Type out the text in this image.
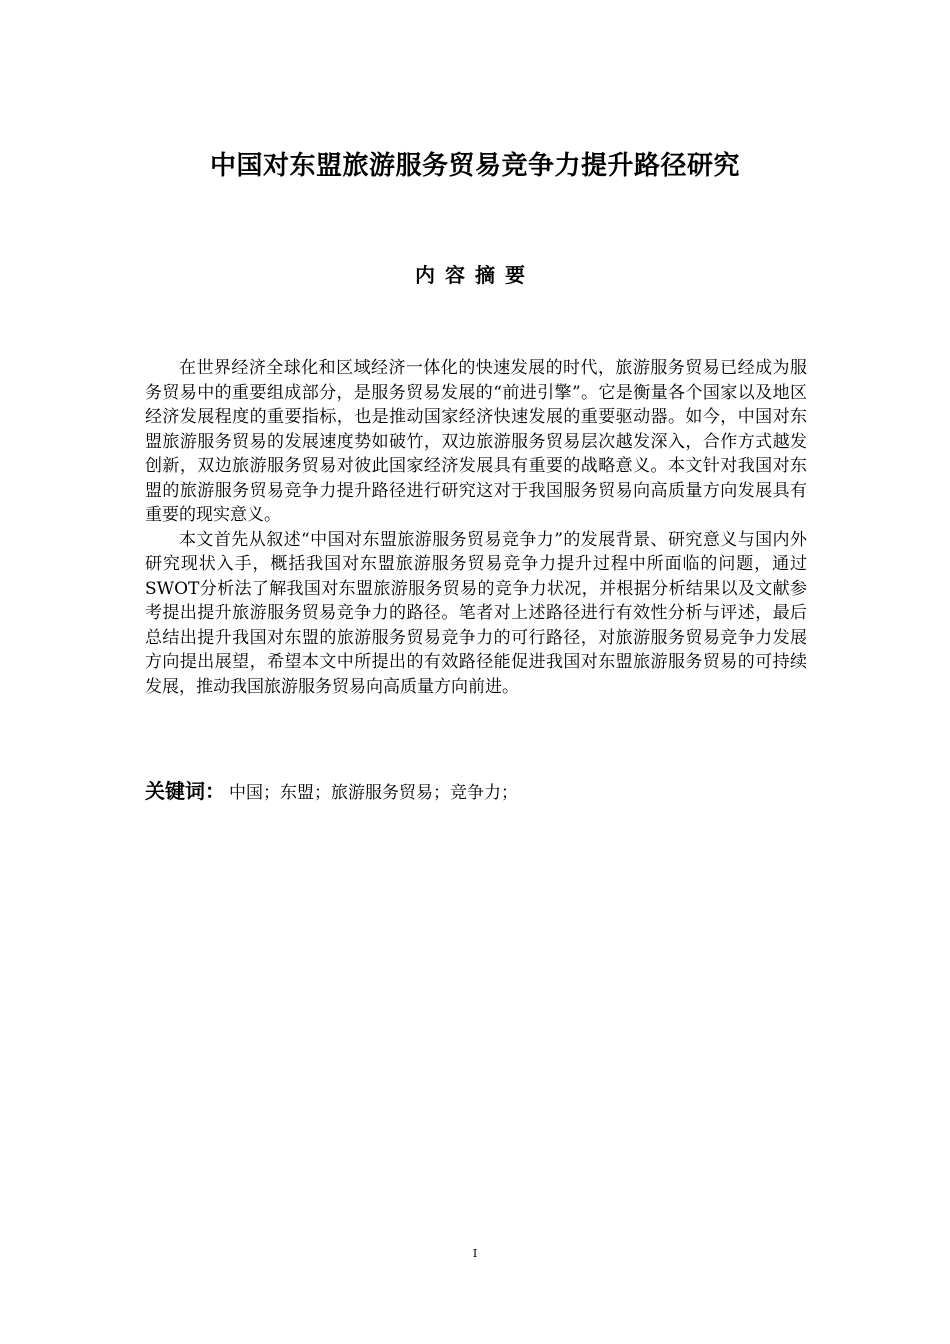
中国对东盟旅游服务贸易竞争力提升路径研究
内容摘要

在世界经济全球化和区域经济一体化的快速发展的时代，旅游服务贸易已经成为服务贸易中的重要组成部分，是服务贸易发展的“前进引擎”。它是衡量各个国家以及地区经济发展程度的重要指标，也是推动国家经济快速发展的重要驱动器。如今，中国对东盟旅游服务贸易的发展速度势如破竹，双边旅游服务贸易层次越发深入，合作方式越发创新，双边旅游服务贸易对彼此国家经济发展具有重要的战略意义。本文针对我国对东盟的旅游服务贸易竞争力提升路径进行研究这对于我国服务贸易向高质量方向发展具有重要的现实意义。

本文首先从叙述“中国对东盟旅游服务贸易竞争力”的发展背景、研究意义与国内外研究现状入手，概括我国对东盟旅游服务贸易竞争力提升过程中所面临的问题，通过SWOT分析法了解我国对东盟旅游服务贸易的竞争力状况，并根据分析结果以及文献参考提出提升旅游服务贸易竞争力的路径。笔者对上述路径进行有效性分析与评述，最后总结出提升我国对东盟的旅游服务贸易竞争力的可行路径，对旅游服务贸易竞争力发展方向提出展望，希望本文中所提出的有效路径能促进我国对东盟旅游服务贸易的可持续发展，推动我国旅游服务贸易向高质量方向前进。

关键词： 中国；东盟；旅游服务贸易；竞争力；
I
